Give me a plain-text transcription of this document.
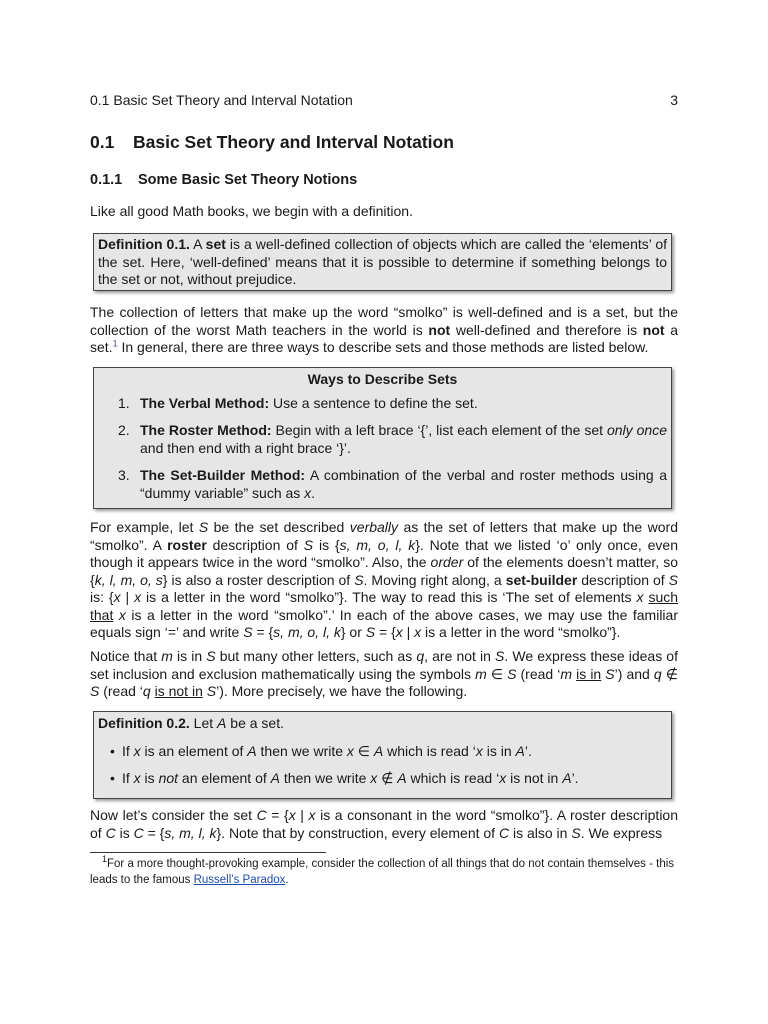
0.1 Basic Set Theory and Interval Notation	3
0.1 Basic Set Theory and Interval Notation
0.1.1 Some Basic Set Theory Notions
Like all good Math books, we begin with a definition.

Definition 0.1. A set is a well-defined collection of objects which are called the ‘elements’ of the set. Here, ‘well-defined’ means that it is possible to determine if something belongs to the set or not, without prejudice.

The collection of letters that make up the word “smolko” is well-defined and is a set, but the collection of the worst Math teachers in the world is not well-defined and therefore is not a set.$^1$ In general, there are three ways to describe sets and those methods are listed below.

Ways to Describe Sets

1. The Verbal Method: Use a sentence to define the set.
2. The Roster Method: Begin with a left brace ‘{’, list each element of the set only once and then end with a right brace ‘}’.
3. The Set-Builder Method: A combination of the verbal and roster methods using a “dummy variable” such as x.
For example, let S be the set described verbally as the set of letters that make up the word “smolko”. A roster description of S is {s, m, o, l, k}. Note that we listed ‘o’ only once, even though it appears twice in the word “smolko”. Also, the order of the elements doesn’t matter, so {k, l, m, o, s} is also a roster description of S. Moving right along, a set-builder description of S is: {x | x is a letter in the word “smolko”}. The way to read this is ‘The set of elements x such that x is a letter in the word “smolko”.’ In each of the above cases, we may use the familiar equals sign ‘=’ and write S = {s, m, o, l, k} or S = {x | x is a letter in the word “smolko”}.
Notice that m is in S but many other letters, such as q, are not in S. We express these ideas of set inclusion and exclusion mathematically using the symbols m ∈ S (read ‘m is in S’) and q ∉ S (read ‘q is not in S’). More precisely, we have the following.

Definition 0.2. Let A be a set.

• If x is an element of A then we write x ∈ A which is read ‘x is in A’.
• If x is not an element of A then we write x ∉ A which is read ‘x is not in A’.
Now let’s consider the set C = {x | x is a consonant in the word “smolko”}. A roster description of C is C = {s, m, l, k}. Note that by construction, every element of C is also in S. We express
$^1$For a more thought-provoking example, consider the collection of all things that do not contain themselves - this leads to the famous Russell’s Paradox.
